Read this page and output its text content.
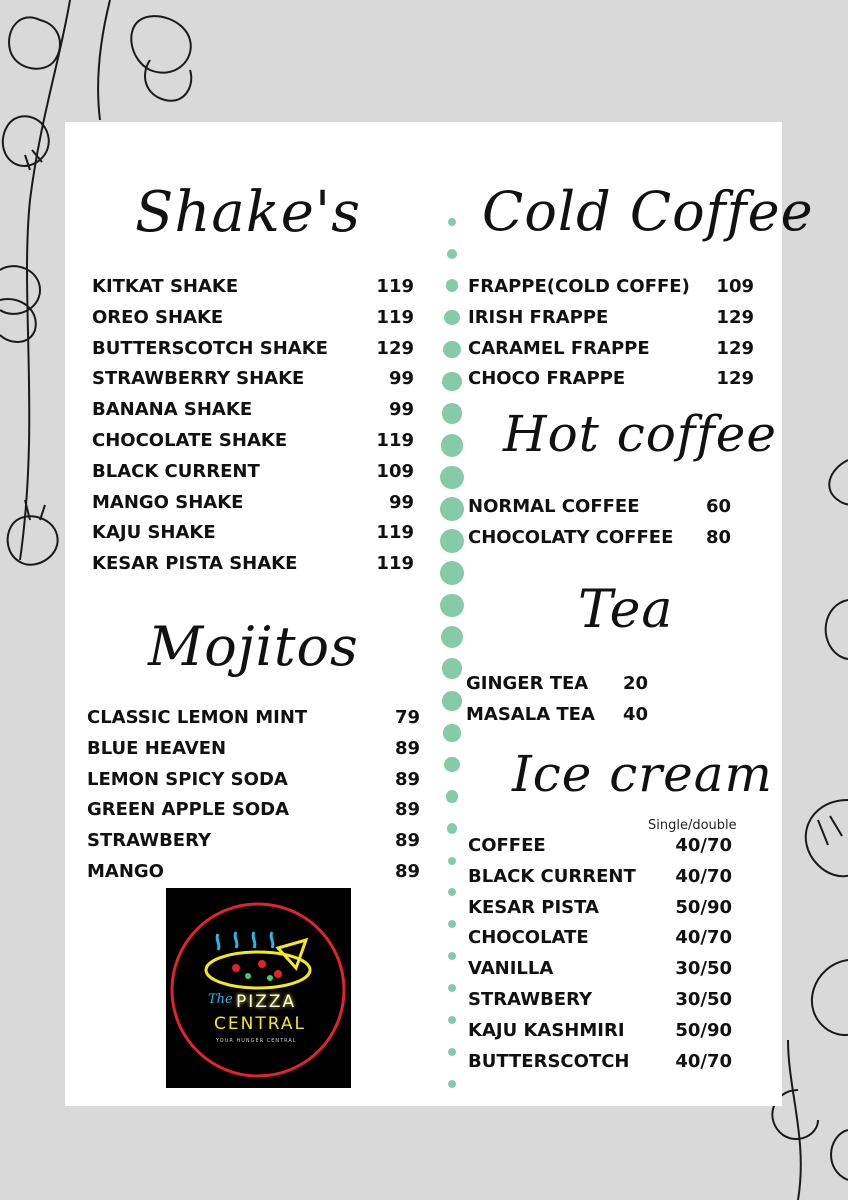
Shake's
KITKAT SHAKE	119
OREO SHAKE	119
BUTTERSCOTCH SHAKE	129
STRAWBERRY SHAKE	99
BANANA SHAKE	99
CHOCOLATE SHAKE	119
BLACK CURRENT	109
MANGO SHAKE	99
KAJU SHAKE	119
KESAR PISTA SHAKE	119
Mojitos
CLASSIC LEMON MINT	79
BLUE HEAVEN	89
LEMON SPICY SODA	89
GREEN APPLE SODA	89
STRAWBERY	89
MANGO	89
The PIZZA
CENTRAL
YOUR HUNGER CENTRAL
Cold Coffee
FRAPPE(COLD COFFE) 109
IRISH FRAPPE	129
CARAMEL FRAPPE	129
CHOCO FRAPPE	129
Hot coffee
NORMAL COFFEE	60
CHOCOLATY COFFEE 80
Tea
GINGER TEA 20
MASALA TEA 40
Ice cream
Single/double
COFFEE	40/70
BLACK CURRENT 40/70
KESAR PISTA	50/90
CHOCOLATE	40/70
VANILLA	30/50
STRAWBERY	30/50
KAJU KASHMIRI	50/90
BUTTERSCOTCH	40/70
